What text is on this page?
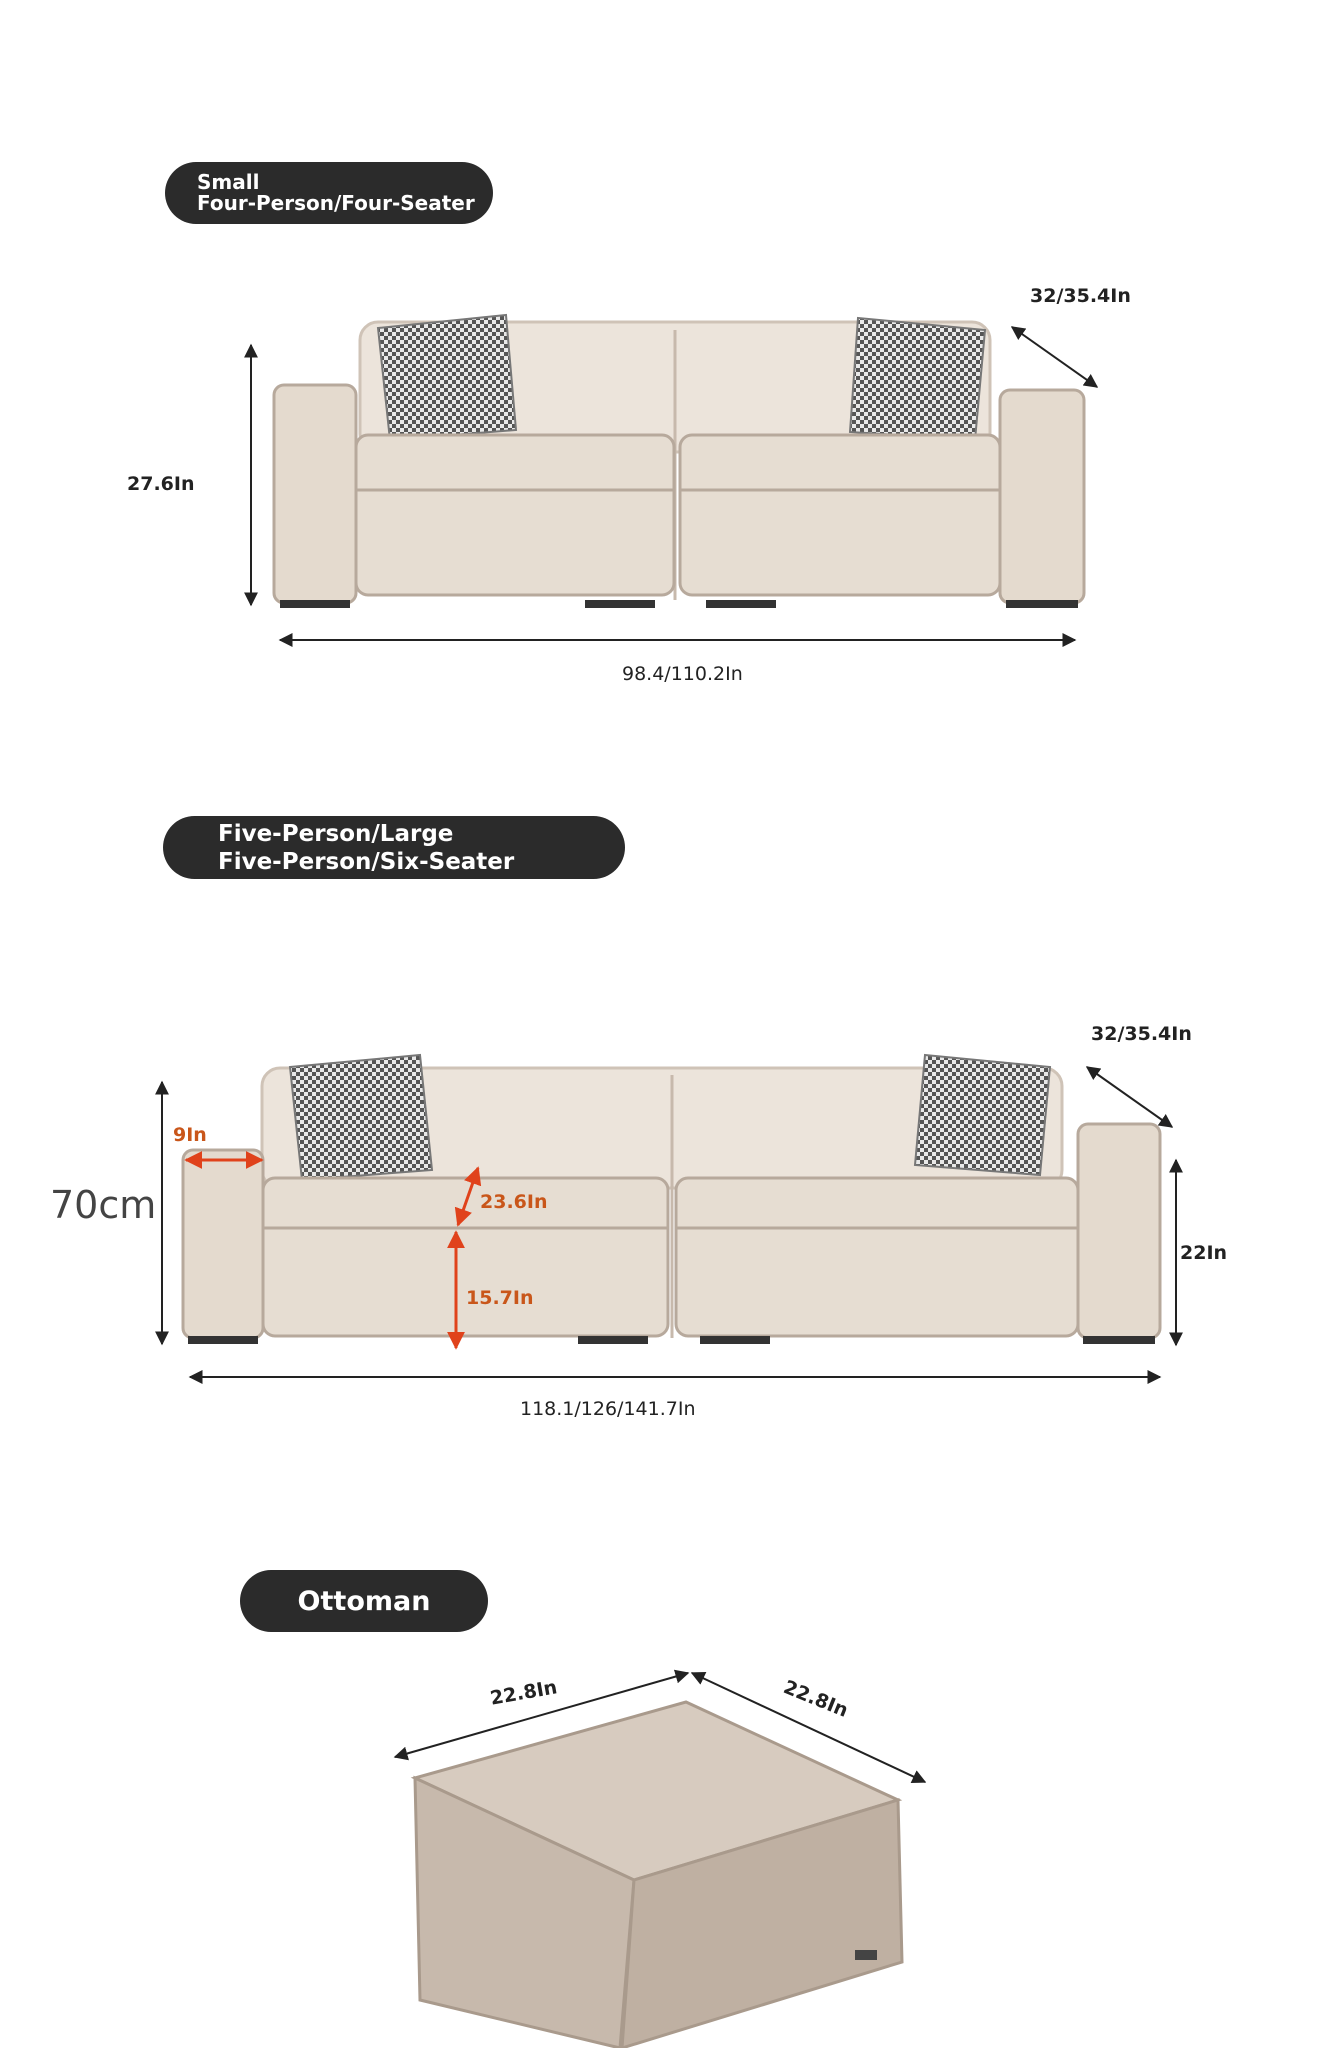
Small
Four-Person/Four-Seater
32/35.4In
27.6In
98.4/110.2In
Five-Person/Large
Five-Person/Six-Seater
32/35.4In
70cm
9In
23.6In
15.7In
22In
118.1/126/141.7In
Ottoman
22.8In	22.8In
